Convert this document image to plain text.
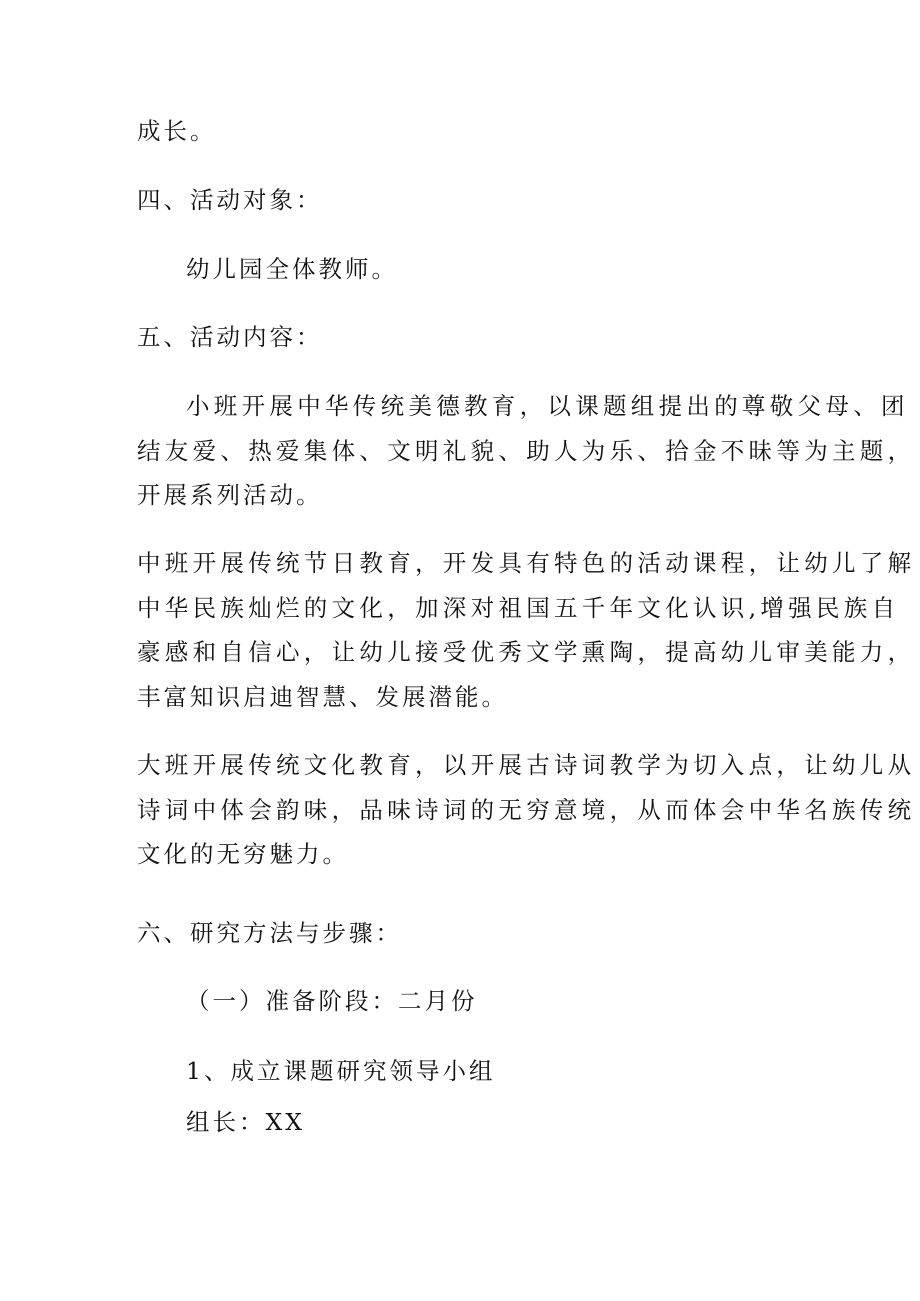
成长。
四、活动对象：
幼儿园全体教师。
五、活动内容：
小班开展中华传统美德教育，以课题组提出的尊敬父母、团
结友爱、热爱集体、文明礼貌、助人为乐、拾金不昧等为主题，
开展系列活动。
中班开展传统节日教育，开发具有特色的活动课程，让幼儿了解
中华民族灿烂的文化，加深对祖国五千年文化认识,增强民族自
豪感和自信心，让幼儿接受优秀文学熏陶，提高幼儿审美能力，
丰富知识启迪智慧、发展潜能。
大班开展传统文化教育，以开展古诗词教学为切入点，让幼儿从
诗词中体会韵味，品味诗词的无穷意境，从而体会中华名族传统
文化的无穷魅力。
六、研究方法与步骤：
（一）准备阶段：二月份
1、成立课题研究领导小组
组长：XX
